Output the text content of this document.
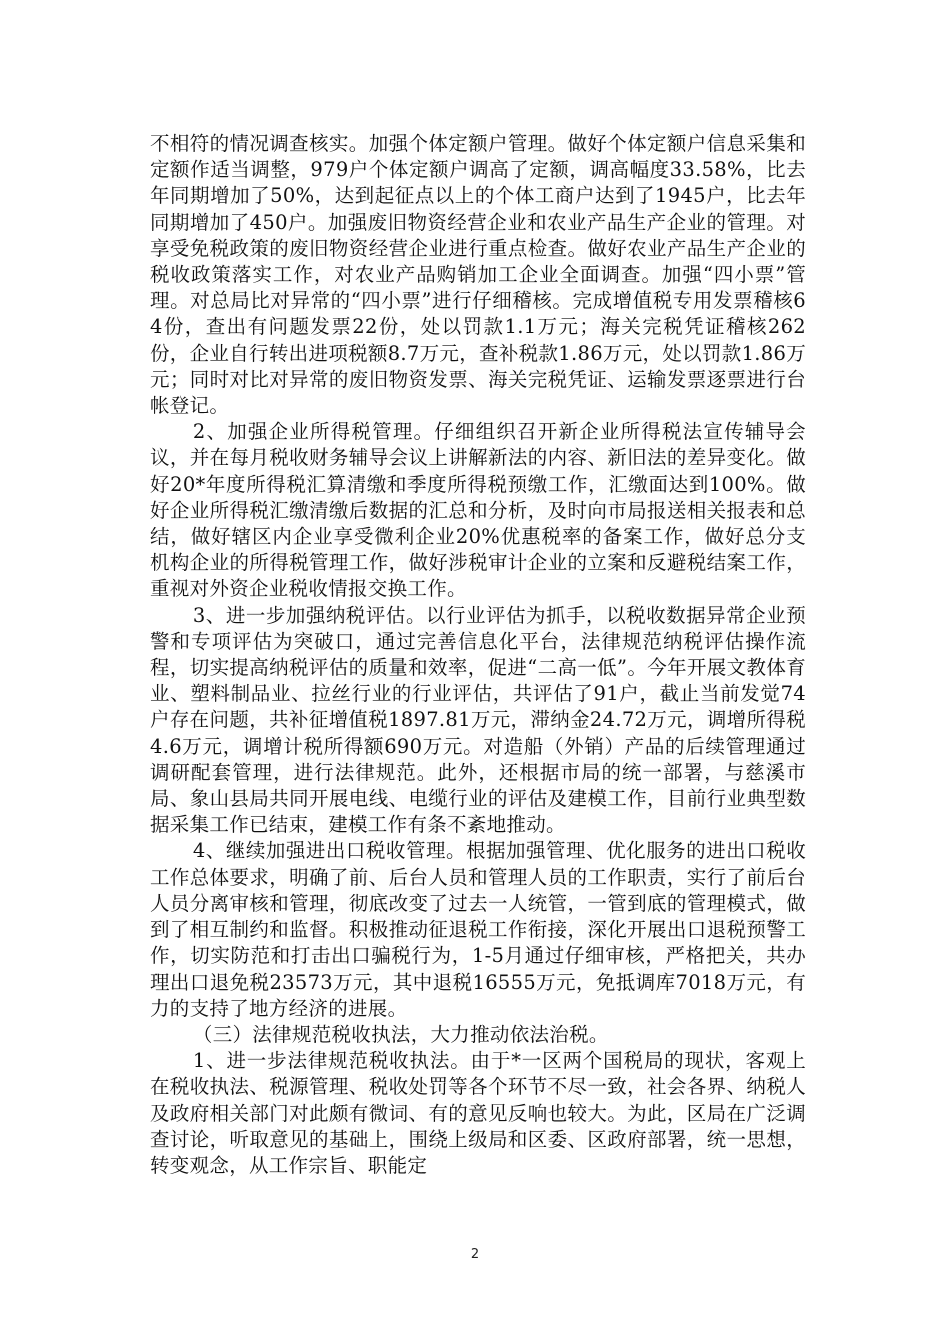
不相符的情况调查核实。加强个体定额户管理。做好个体定额户信息采集和定额作适当调整，979户个体定额户调高了定额，调高幅度33.58%，比去年同期增加了50%，达到起征点以上的个体工商户达到了1945户，比去年同期增加了450户。加强废旧物资经营企业和农业产品生产企业的管理。对享受免税政策的废旧物资经营企业进行重点检查。做好农业产品生产企业的税收政策落实工作，对农业产品购销加工企业全面调查。加强“四小票”管理。对总局比对异常的“四小票”进行仔细稽核。完成增值税专用发票稽核64份，查出有问题发票22份，处以罚款1.1万元；海关完税凭证稽核262份，企业自行转出进项税额8.7万元，查补税款1.86万元，处以罚款1.86万元；同时对比对异常的废旧物资发票、海关完税凭证、运输发票逐票进行台帐登记。

2、加强企业所得税管理。仔细组织召开新企业所得税法宣传辅导会议，并在每月税收财务辅导会议上讲解新法的内容、新旧法的差异变化。做好20*年度所得税汇算清缴和季度所得税预缴工作，汇缴面达到100%。做好企业所得税汇缴清缴后数据的汇总和分析，及时向市局报送相关报表和总结，做好辖区内企业享受微利企业20%优惠税率的备案工作，做好总分支机构企业的所得税管理工作，做好涉税审计企业的立案和反避税结案工作，重视对外资企业税收情报交换工作。

3、进一步加强纳税评估。以行业评估为抓手，以税收数据异常企业预警和专项评估为突破口，通过完善信息化平台，法律规范纳税评估操作流程，切实提高纳税评估的质量和效率，促进“二高一低”。今年开展文教体育业、塑料制品业、拉丝行业的行业评估，共评估了91户，截止当前发觉74户存在问题，共补征增值税1897.81万元，滞纳金24.72万元，调增所得税4.6万元，调增计税所得额690万元。对造船（外销）产品的后续管理通过调研配套管理，进行法律规范。此外，还根据市局的统一部署，与慈溪市局、象山县局共同开展电线、电缆行业的评估及建模工作，目前行业典型数据采集工作已结束，建模工作有条不紊地推动。

4、继续加强进出口税收管理。根据加强管理、优化服务的进出口税收工作总体要求，明确了前、后台人员和管理人员的工作职责，实行了前后台人员分离审核和管理，彻底改变了过去一人统管，一管到底的管理模式，做到了相互制约和监督。积极推动征退税工作衔接，深化开展出口退税预警工作，切实防范和打击出口骗税行为，1-5月通过仔细审核，严格把关，共办理出口退免税23573万元，其中退税16555万元，免抵调库7018万元，有力的支持了地方经济的进展。

（三）法律规范税收执法，大力推动依法治税。

1、进一步法律规范税收执法。由于*一区两个国税局的现状，客观上在税收执法、税源管理、税收处罚等各个环节不尽一致，社会各界、纳税人及政府相关部门对此颇有微词、有的意见反响也较大。为此，区局在广泛调查讨论，听取意见的基础上，围绕上级局和区委、区政府部署，统一思想，转变观念，从工作宗旨、职能定

2
